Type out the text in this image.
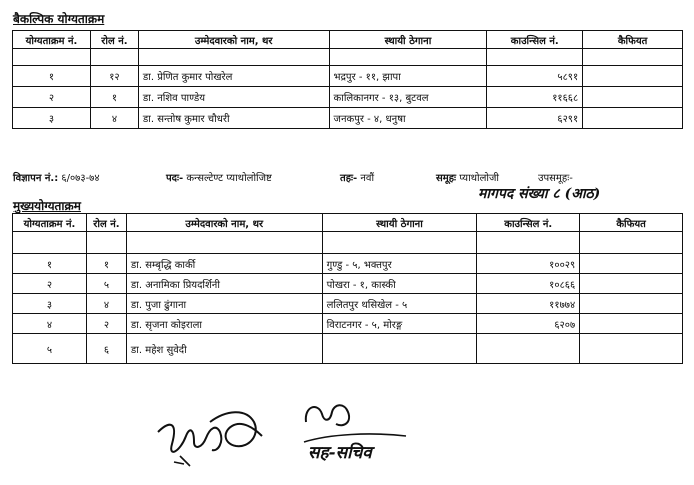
बैकल्पिक योग्यताक्रम
योग्यताक्रम नं.	रोल नं.	उम्मेदवारको नाम, थर	स्थायी ठेगाना	काउन्सिल नं.	कैफियत

१	१२	डा. प्रेणित कुमार पोखरेल	भद्रपुर - ११, झापा	५८९१	
२	१	डा. नशिव पाण्डेय	कालिकानगर - १३, बुटवल	११६६८	
३	४	डा. सन्तोष कुमार चौधरी	जनकपुर - ४, धनुषा	६२९१	
विज्ञापन नं.: ६/०७३-७४	पदः- कन्सल्टेण्ट प्याथोलोजिष्ट	तहः- नवौं	समूहः प्याथोलोजी	उपसमूहः-
मागपद संख्या ८ (आठ)
मुख्ययोग्यताक्रम
योग्यताक्रम नं.	रोल नं.	उम्मेदवारको नाम, थर	स्थायी ठेगाना	काउन्सिल नं.	कैफियत

१	१	डा. सम्बृद्धि कार्की	गुण्डु - ५, भक्तपुर	१००२९	
२	५	डा. अनामिका प्रियदर्शिनी	पोखरा - १, कास्की	१०८६६	
३	४	डा. पुजा ढुंगाना	ललितपुर थसिखेल - ५	११७७४	
४	२	डा. सृजना कोइराला	विराटनगर - ५, मोरङ्ग	६२०७	
५	६	डा. महेश सुवेदी			
सह-सचिव
